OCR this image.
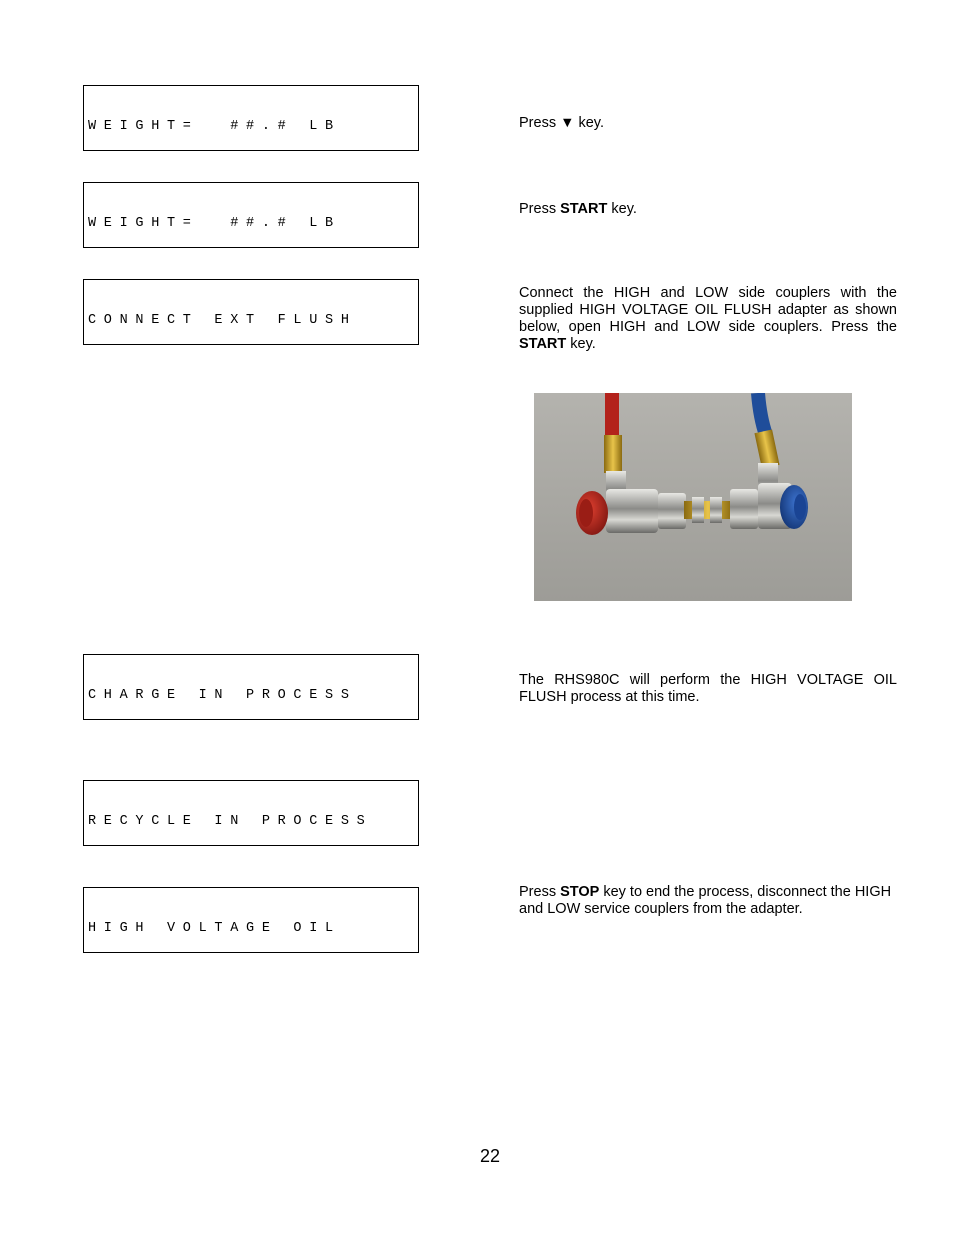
WEIGHT=  ##.# LB

WEIGHT=  ##.# LB

CONNECT EXT FLUSH

CHARGE IN PROCESS

RECYCLE IN PROCESS

HIGH VOLTAGE OIL

Press ▼ key.
Press START key.
Connect the HIGH and LOW side couplers with the supplied HIGH VOLTAGE OIL FLUSH adapter as shown below, open HIGH and LOW side couplers. Press the START key.
The RHS980C will perform the HIGH VOLTAGE OIL FLUSH process at this time.
Press STOP key to end the process, disconnect the HIGH and LOW service couplers from the adapter.
22
